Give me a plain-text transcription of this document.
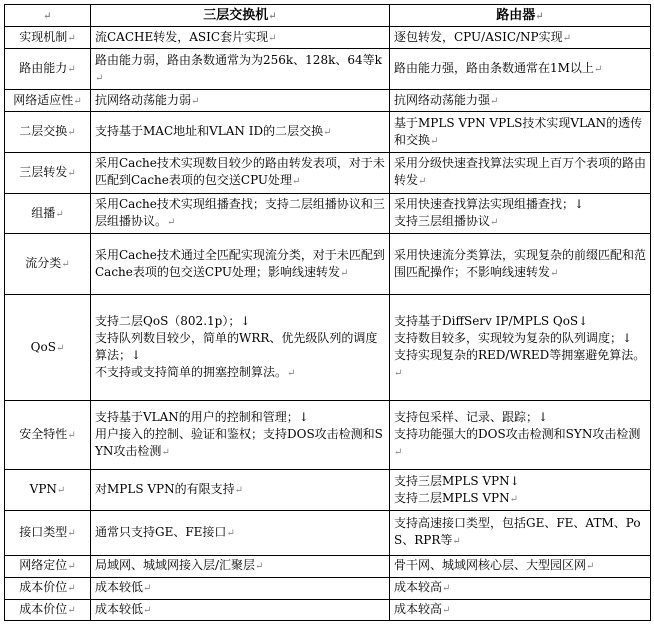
↵	三层交换机↵	路由器↵
实现机制↵	流CACHE转发，ASIC套片实现↵	逐包转发，CPU/ASIC/NP实现↵
路由能力↵	路由能力弱，路由条数通常为为256k、128k、64等k↵	路由能力强，路由条数通常在1M以上↵
网络适应性↵	抗网络动荡能力弱↵	抗网络动荡能力强↵
二层交换↵	支持基于MAC地址和VLAN ID的二层交换↵	基于MPLS VPN VPLS技术实现VLAN的透传和交换↵
三层转发↵	采用Cache技术实现数目较少的路由转发表项，对于未匹配到Cache表项的包交送CPU处理↵	采用分级快速查找算法实现上百万个表项的路由转发↵
组播↵	采用Cache技术实现组播查找；支持二层组播协议和三层组播协议。↵	采用快速查找算法实现组播查找；↓
支持三层组播协议↵
流分类↵	采用Cache技术通过全匹配实现流分类，对于未匹配到Cache表项的包交送CPU处理；影响线速转发↵	采用快速流分类算法，实现复杂的前缀匹配和范围匹配操作；不影响线速转发↵
QoS↵	支持二层QoS（802.1p）；↓
支持队列数目较少，简单的WRR、优先级队列的调度算法；↓
不支持或支持简单的拥塞控制算法。↵	支持基于DiffServ IP/MPLS QoS↓
支持数目较多，实现较为复杂的队列调度；↓
支持实现复杂的RED/WRED等拥塞避免算法。↵
安全特性↵	支持基于VLAN的用户的控制和管理；↓
用户接入的控制、验证和鉴权；支持DOS攻击检测和SYN攻击检测↵	支持包采样、记录、跟踪；↓
支持功能强大的DOS攻击检测和SYN攻击检测↵
VPN↵	对MPLS VPN的有限支持↵	支持三层MPLS VPN↓
支持二层MPLS VPN↵
接口类型↵	通常只支持GE、FE接口↵	支持高速接口类型，包括GE、FE、ATM、PoS、RPR等↵
网络定位↵	局域网、城域网接入层/汇聚层↵	骨干网、城域网核心层、大型园区网↵
成本价位↵	成本较低↵	成本较高↵
成本价位↵	成本较低↵	成本较高↵
